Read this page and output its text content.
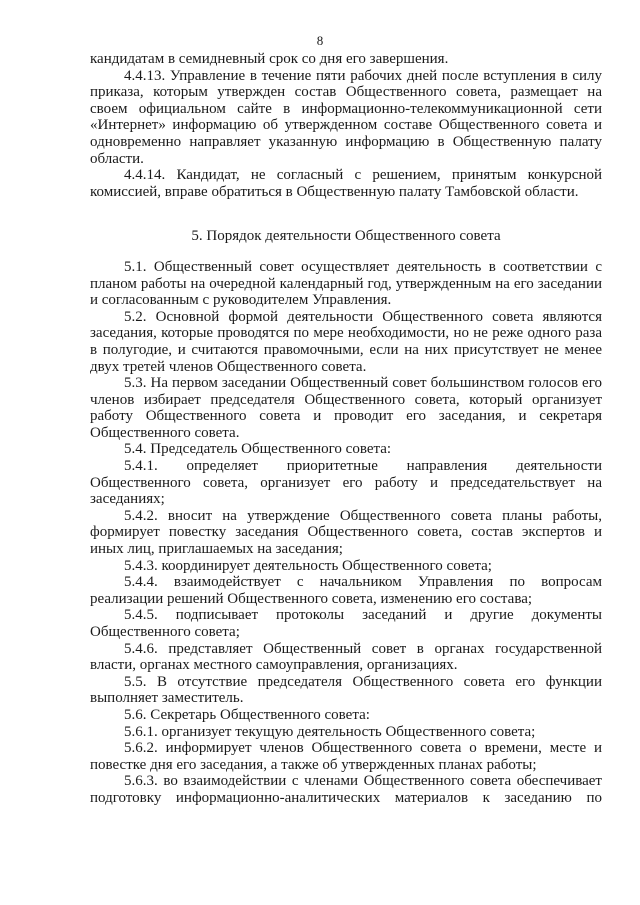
8

кандидатам в семидневный срок со дня его завершения.

4.4.13. Управление в течение пяти рабочих дней после вступления в силу приказа, которым утвержден состав Общественного совета, размещает на своем официальном сайте в информационно-телекоммуникационной сети «Интернет» информацию об утвержденном составе Общественного совета и одновременно направляет указанную информацию в Общественную палату области.

4.4.14. Кандидат, не согласный с решением, принятым конкурсной комиссией, вправе обратиться в Общественную палату Тамбовской области.

5. Порядок деятельности Общественного совета

5.1. Общественный совет осуществляет деятельность в соответствии с планом работы на очередной календарный год, утвержденным на его заседании и согласованным с руководителем Управления.

5.2. Основной формой деятельности Общественного совета являются заседания, которые проводятся по мере необходимости, но не реже одного раза в полугодие, и считаются правомочными, если на них присутствует не менее двух третей членов Общественного совета.

5.3. На первом заседании Общественный совет большинством голосов его членов избирает председателя Общественного совета, который организует работу Общественного совета и проводит его заседания, и секретаря Общественного совета.

5.4. Председатель Общественного совета:

5.4.1. определяет приоритетные направления деятельности Общественного совета, организует его работу и председательствует на заседаниях;

5.4.2. вносит на утверждение Общественного совета планы работы, формирует повестку заседания Общественного совета, состав экспертов и иных лиц, приглашаемых на заседания;

5.4.3. координирует деятельность Общественного совета;

5.4.4. взаимодействует с начальником Управления по вопросам реализации решений Общественного совета, изменению его состава;

5.4.5. подписывает протоколы заседаний и другие документы Общественного совета;

5.4.6. представляет Общественный совет в органах государственной власти, органах местного самоуправления, организациях.

5.5. В отсутствие председателя Общественного совета его функции выполняет заместитель.

5.6. Секретарь Общественного совета:

5.6.1. организует текущую деятельность Общественного совета;

5.6.2. информирует членов Общественного совета о времени, месте и повестке дня его заседания, а также об утвержденных планах работы;

5.6.3. во взаимодействии с членами Общественного совета обеспечивает подготовку информационно-аналитических материалов к заседанию по
